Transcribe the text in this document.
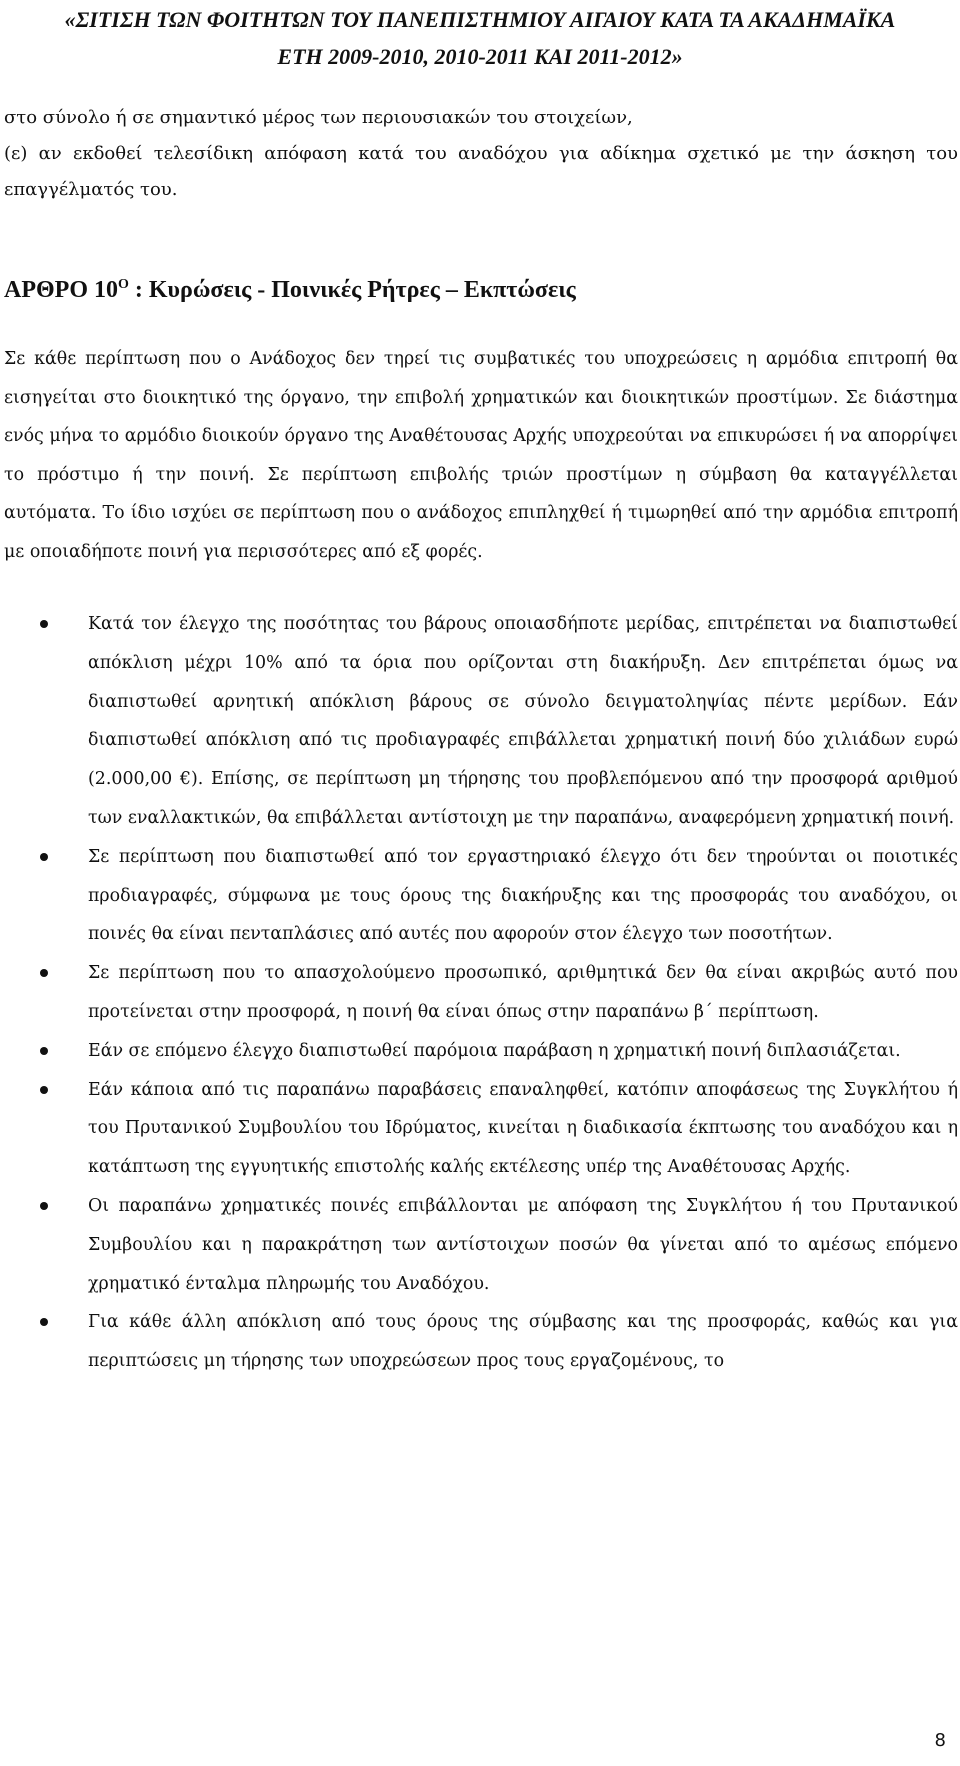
«ΣΙΤΙΣΗ ΤΩΝ ΦΟΙΤΗΤΩΝ ΤΟΥ ΠΑΝΕΠΙΣΤΗΜΙΟΥ ΑΙΓΑΙΟΥ ΚΑΤΑ ΤΑ ΑΚΑΔΗΜΑΪΚΑ
ΕΤΗ 2009-2010, 2010-2011 ΚΑΙ 2011-2012»

στο σύνολο ή σε σημαντικό μέρος των περιουσιακών του στοιχείων,

(ε) αν εκδοθεί τελεσίδικη απόφαση κατά του αναδόχου για αδίκημα σχετικό με την άσκηση του επαγγέλματός του.

ΑΡΘΡΟ $10^O$ : Κυρώσεις - Ποινικές Ρήτρες – Εκπτώσεις

Σε κάθε περίπτωση που ο Ανάδοχος δεν τηρεί τις συμβατικές του υποχρεώσεις η αρμόδια επιτροπή θα εισηγείται στο διοικητικό της όργανο, την επιβολή χρηματικών και διοικητικών προστίμων. Σε διάστημα ενός μήνα το αρμόδιο διοικούν όργανο της Αναθέτουσας Αρχής υποχρεούται να επικυρώσει ή να απορρίψει το πρόστιμο ή την ποινή. Σε περίπτωση επιβολής τριών προστίμων η σύμβαση θα καταγγέλλεται αυτόματα. Το ίδιο ισχύει σε περίπτωση που ο ανάδοχος επιπληχθεί ή τιμωρηθεί από την αρμόδια επιτροπή με οποιαδήποτε ποινή για περισσότερες από εξ φορές.

Κατά τον έλεγχο της ποσότητας του βάρους οποιασδήποτε μερίδας, επιτρέπεται να διαπιστωθεί απόκλιση μέχρι 10% από τα όρια που ορίζονται στη διακήρυξη. Δεν επιτρέπεται όμως να διαπιστωθεί αρνητική απόκλιση βάρους σε σύνολο δειγματοληψίας πέντε μερίδων. Εάν διαπιστωθεί απόκλιση από τις προδιαγραφές επιβάλλεται χρηματική ποινή δύο χιλιάδων ευρώ (2.000,00 €). Επίσης, σε περίπτωση μη τήρησης του προβλεπόμενου από την προσφορά αριθμού των εναλλακτικών, θα επιβάλλεται αντίστοιχη με την παραπάνω, αναφερόμενη χρηματική ποινή.
Σε περίπτωση που διαπιστωθεί από τον εργαστηριακό έλεγχο ότι δεν τηρούνται οι ποιοτικές προδιαγραφές, σύμφωνα με τους όρους της διακήρυξης και της προσφοράς του αναδόχου, οι ποινές θα είναι πενταπλάσιες από αυτές που αφορούν στον έλεγχο των ποσοτήτων.
Σε περίπτωση που το απασχολούμενο προσωπικό, αριθμητικά δεν θα είναι ακριβώς αυτό που προτείνεται στην προσφορά, η ποινή θα είναι όπως στην παραπάνω β΄ περίπτωση.
Εάν σε επόμενο έλεγχο διαπιστωθεί παρόμοια παράβαση η χρηματική ποινή διπλασιάζεται.
Εάν κάποια από τις παραπάνω παραβάσεις επαναληφθεί, κατόπιν αποφάσεως της Συγκλήτου ή του Πρυτανικού Συμβουλίου του Ιδρύματος, κινείται η διαδικασία έκπτωσης του αναδόχου και η κατάπτωση της εγγυητικής επιστολής καλής εκτέλεσης υπέρ της Αναθέτουσας Αρχής.
Οι παραπάνω χρηματικές ποινές επιβάλλονται με απόφαση της Συγκλήτου ή του Πρυτανικού Συμβουλίου και η παρακράτηση των αντίστοιχων ποσών θα γίνεται από το αμέσως επόμενο χρηματικό ένταλμα πληρωμής του Αναδόχου.
Για κάθε άλλη απόκλιση από τους όρους της σύμβασης και της προσφοράς, καθώς και για περιπτώσεις μη τήρησης των υποχρεώσεων προς τους εργαζομένους, το
8
